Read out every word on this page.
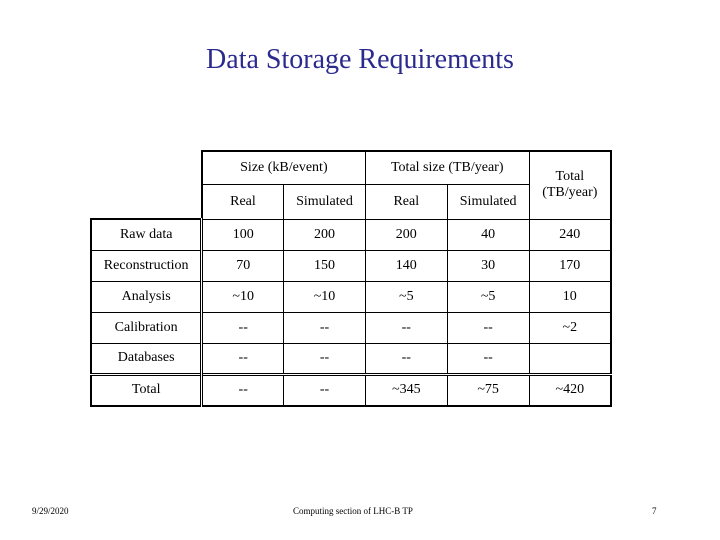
Data Storage Requirements
	Size (kB/event)		Total size (TB/year)		Total
(TB/year)

	Real	Simulated	Real	Simulated	
Raw data	100	200	200	40	240
Reconstruction	70	150	140	30	170
Analysis	~10	~10	~5	~5	10
Calibration	--	--	--	--	~2
Databases	--	--	--	--	
Total	--	--	~345	~75	~420
9/29/2020	Computing section of LHC-B TP	7
